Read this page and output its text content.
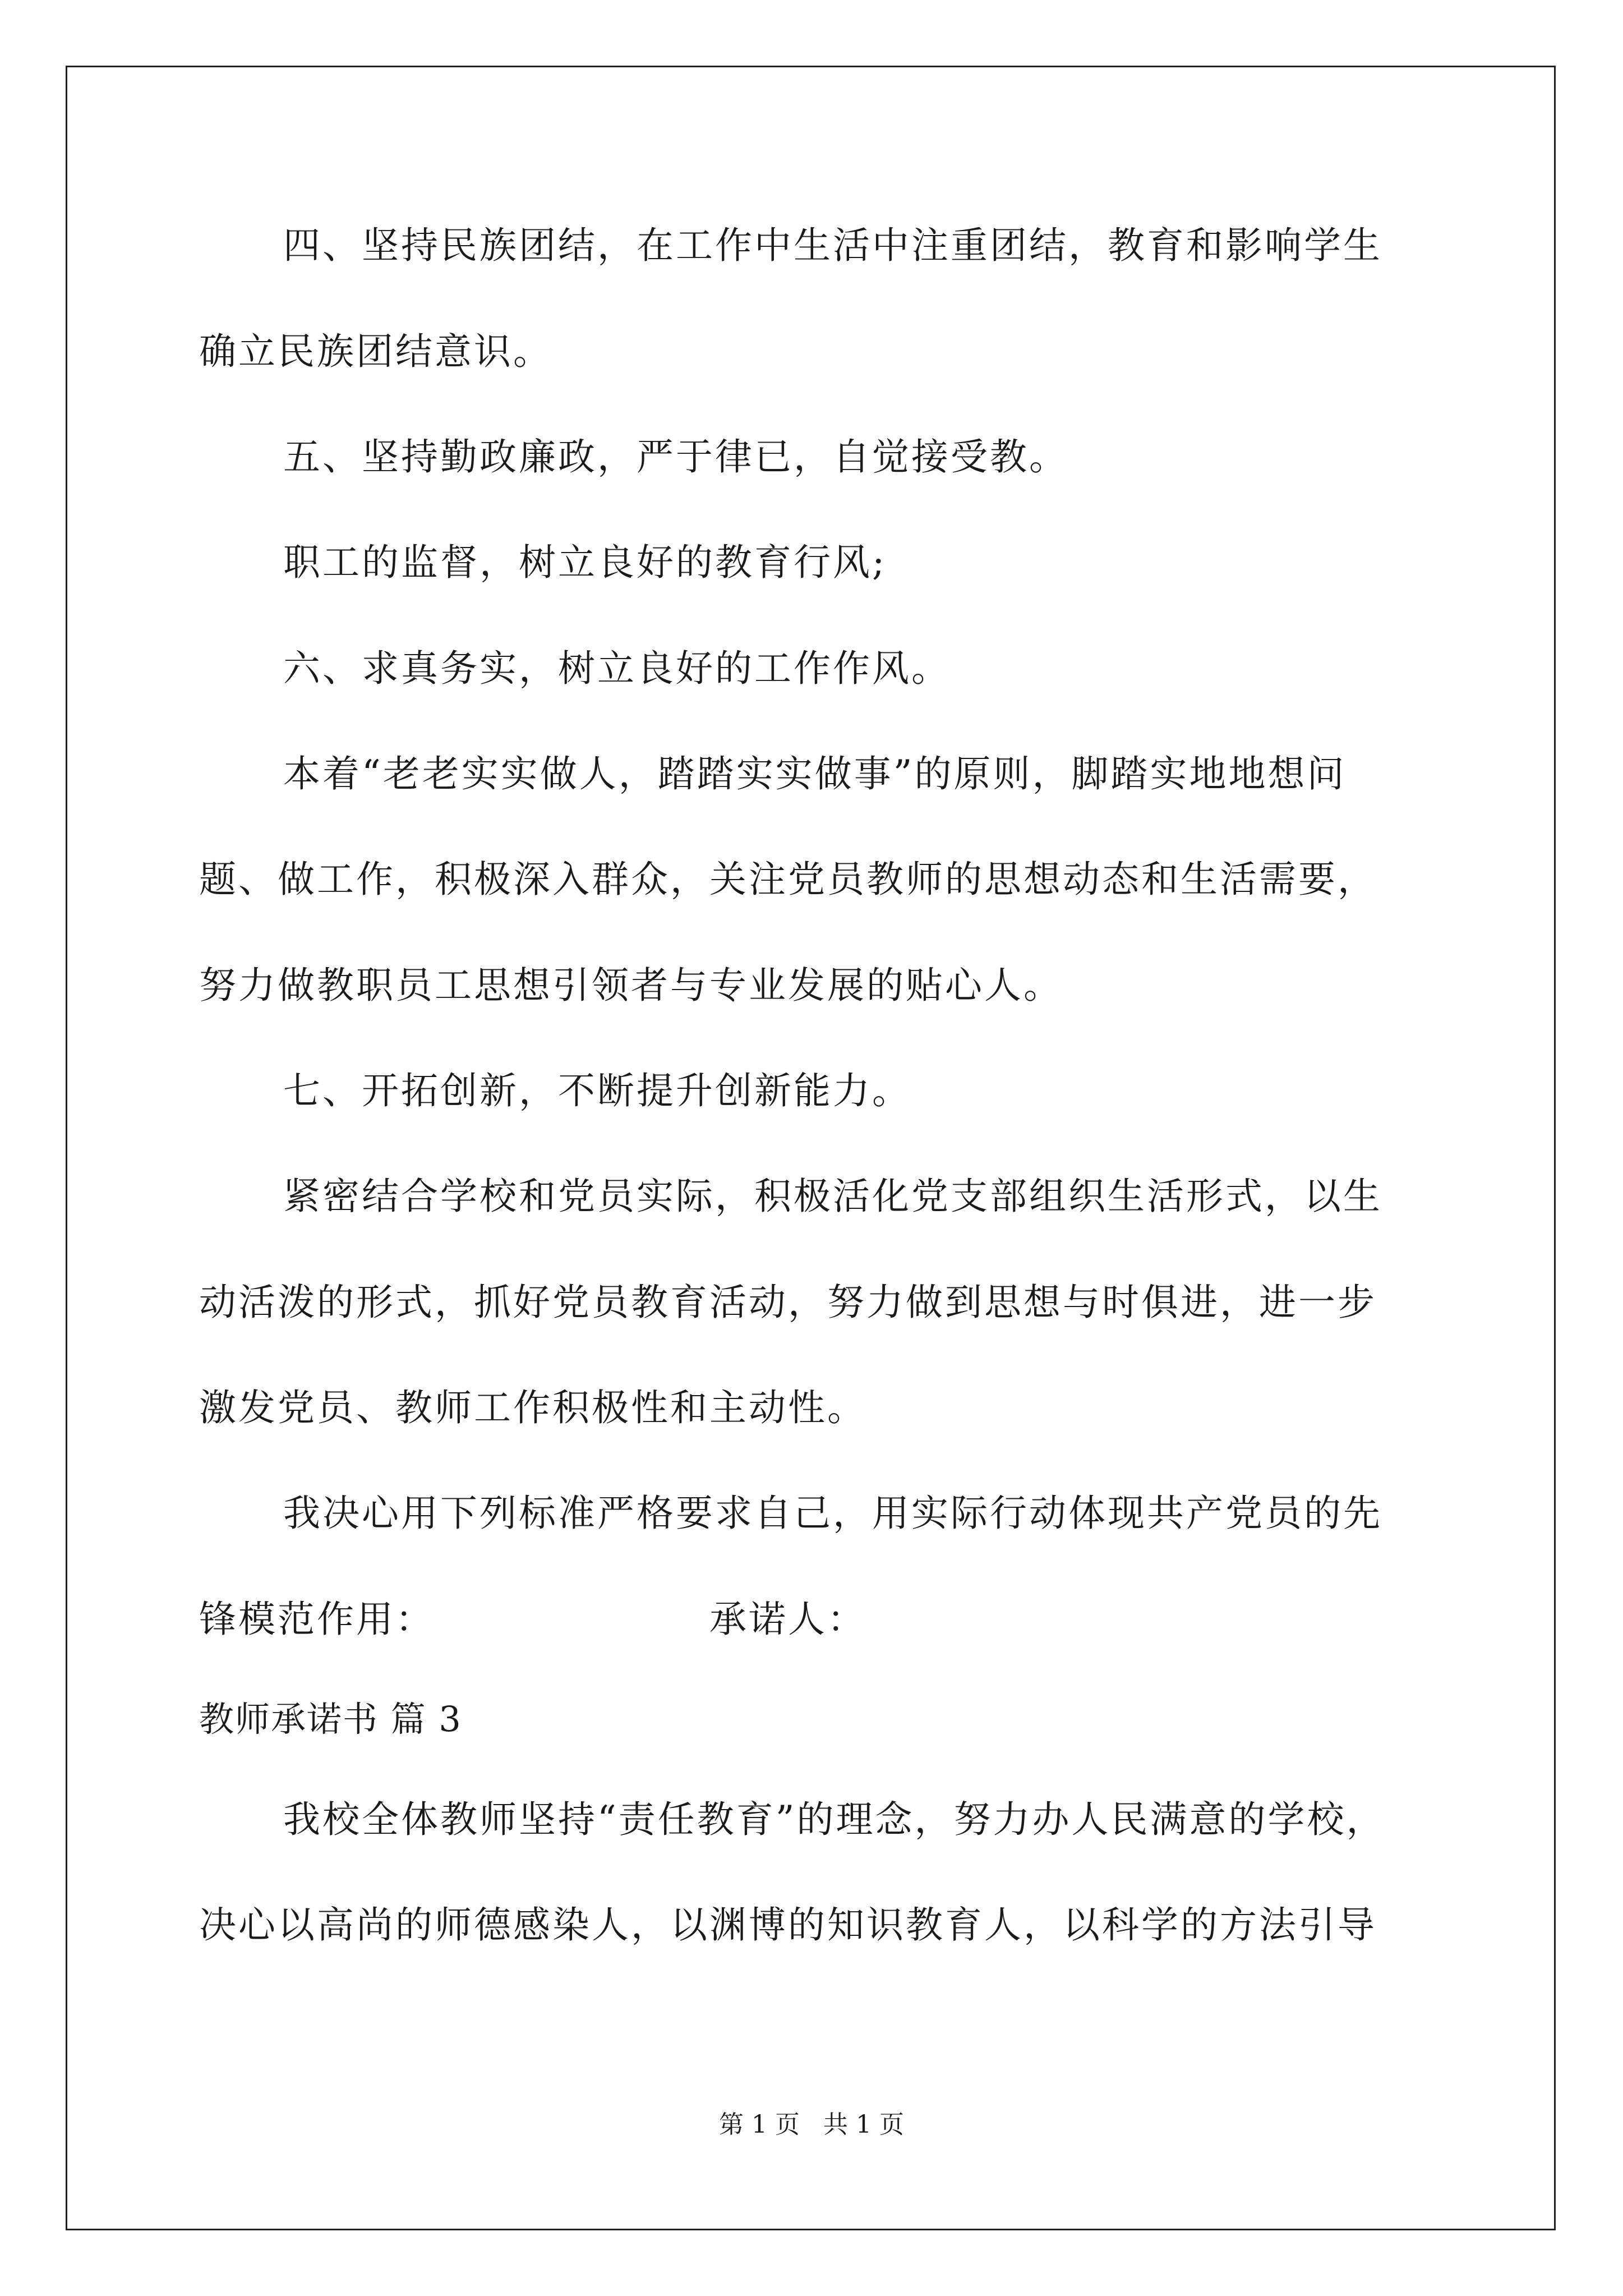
四、坚持民族团结，在工作中生活中注重团结，教育和影响学生
确立民族团结意识。
五、坚持勤政廉政，严于律已，自觉接受教。
职工的监督，树立良好的教育行风;
六、求真务实，树立良好的工作作风。
本着“老老实实做人，踏踏实实做事”的原则，脚踏实地地想问
题、做工作，积极深入群众，关注党员教师的思想动态和生活需要，
努力做教职员工思想引领者与专业发展的贴心人。
七、开拓创新，不断提升创新能力。
紧密结合学校和党员实际，积极活化党支部组织生活形式，以生
动活泼的形式，抓好党员教育活动，努力做到思想与时俱进，进一步
激发党员、教师工作积极性和主动性。
我决心用下列标准严格要求自己，用实际行动体现共产党员的先
锋模范作用：	承诺人：
教师承诺书 篇 3
我校全体教师坚持“责任教育”的理念，努力办人民满意的学校，
决心以高尚的师德感染人，以渊博的知识教育人，以科学的方法引导
第 1 页   共 1 页
